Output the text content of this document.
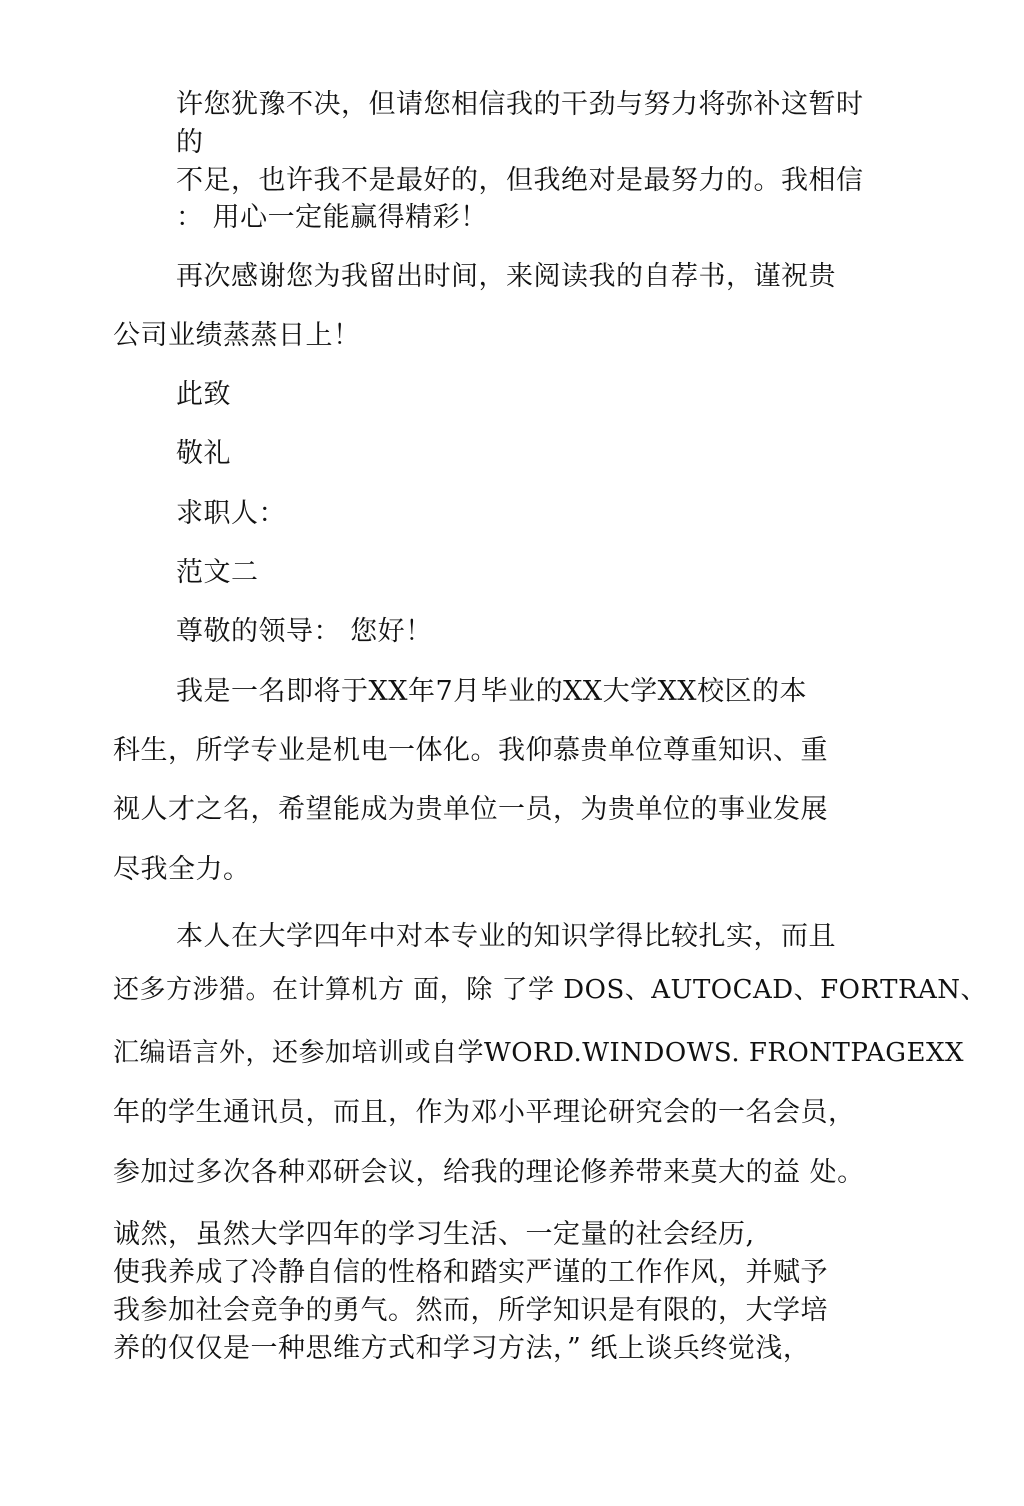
许您犹豫不决，但请您相信我的干劲与努力将弥补这暂时
的
不足，也许我不是最好的，但我绝对是最努力的。我相信
： 用心一定能赢得精彩！
再次感谢您为我留出时间，来阅读我的自荐书，谨祝贵
公司业绩蒸蒸日上！
此致
敬礼
求职人：
范文二
尊敬的领导： 您好！
我是一名即将于XX年7月毕业的XX大学XX校区的本
科生，所学专业是机电一体化。我仰慕贵单位尊重知识、重
视人才之名，希望能成为贵单位一员，为贵单位的事业发展
尽我全力。
本人在大学四年中对本专业的知识学得比较扎实，而且
还多方涉猎。在计算机方 面，除 了学 DOS、AUTOCAD、FORTRAN、
汇编语言外，还参加培训或自学WORD.WINDOWS. FRONTPAGEXX
年的学生通讯员，而且，作为邓小平理论研究会的一名会员，
参加过多次各种邓研会议，给我的理论修养带来莫大的益 处。
诚然，虽然大学四年的学习生活、一定量的社会经历,
使我养成了冷静自信的性格和踏实严谨的工作作风，并赋予
我参加社会竞争的勇气。然而，所学知识是有限的，大学培
养的仅仅是一种思维方式和学习方法，” 纸上谈兵终觉浅，
